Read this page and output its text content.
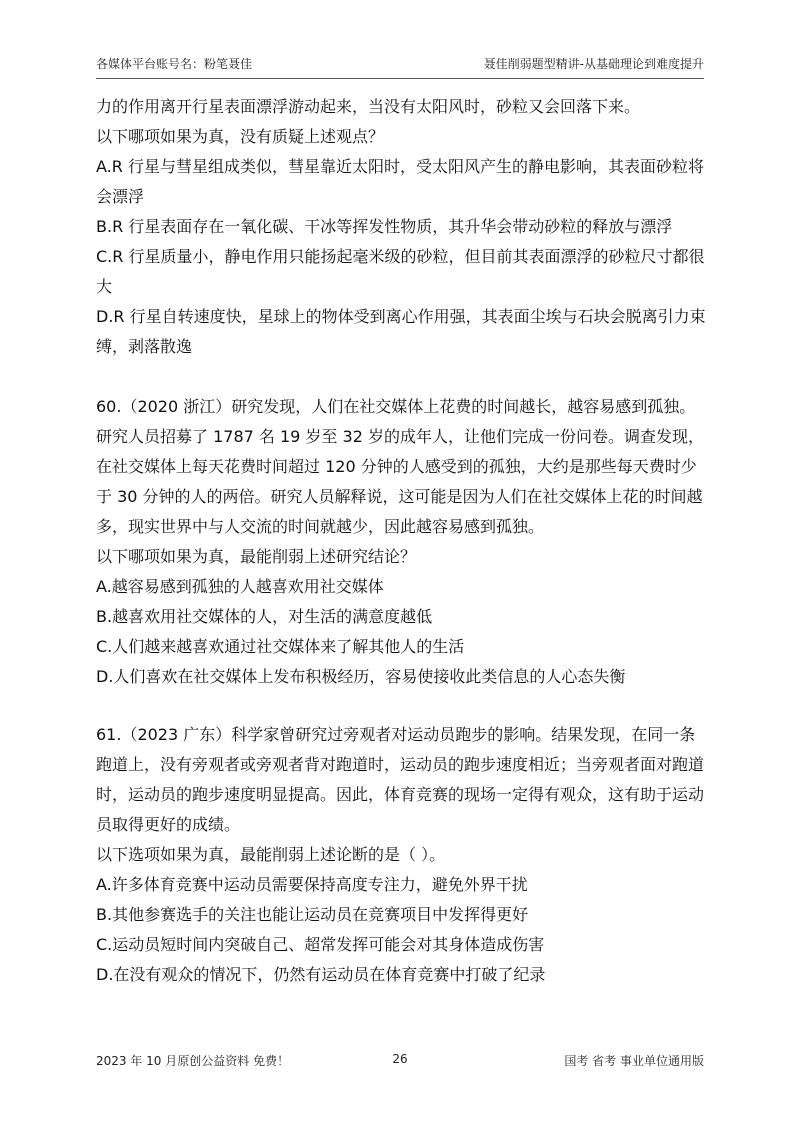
各媒体平台账号名：粉笔聂佳	聂佳削弱题型精讲-从基础理论到难度提升

力的作用离开行星表面漂浮游动起来，当没有太阳风时，砂粒又会回落下来。

以下哪项如果为真，没有质疑上述观点？

A.R 行星与彗星组成类似，彗星靠近太阳时，受太阳风产生的静电影响，其表面砂粒将会漂浮

B.R 行星表面存在一氧化碳、干冰等挥发性物质，其升华会带动砂粒的释放与漂浮

C.R 行星质量小，静电作用只能扬起毫米级的砂粒，但目前其表面漂浮的砂粒尺寸都很大

D.R 行星自转速度快，星球上的物体受到离心作用强，其表面尘埃与石块会脱离引力束缚，剥落散逸

60.（2020 浙江）研究发现，人们在社交媒体上花费的时间越长，越容易感到孤独。研究人员招募了 1787 名 19 岁至 32 岁的成年人，让他们完成一份问卷。调查发现，在社交媒体上每天花费时间超过 120 分钟的人感受到的孤独，大约是那些每天费时少于 30 分钟的人的两倍。研究人员解释说，这可能是因为人们在社交媒体上花的时间越多，现实世界中与人交流的时间就越少，因此越容易感到孤独。

以下哪项如果为真，最能削弱上述研究结论？

A.越容易感到孤独的人越喜欢用社交媒体

B.越喜欢用社交媒体的人，对生活的满意度越低

C.人们越来越喜欢通过社交媒体来了解其他人的生活

D.人们喜欢在社交媒体上发布积极经历，容易使接收此类信息的人心态失衡

61.（2023 广东）科学家曾研究过旁观者对运动员跑步的影响。结果发现，在同一条跑道上，没有旁观者或旁观者背对跑道时，运动员的跑步速度相近；当旁观者面对跑道时，运动员的跑步速度明显提高。因此，体育竞赛的现场一定得有观众，这有助于运动员取得更好的成绩。

以下选项如果为真，最能削弱上述论断的是（ ）。

A.许多体育竞赛中运动员需要保持高度专注力，避免外界干扰

B.其他参赛选手的关注也能让运动员在竞赛项目中发挥得更好

C.运动员短时间内突破自己、超常发挥可能会对其身体造成伤害

D.在没有观众的情况下，仍然有运动员在体育竞赛中打破了纪录

2023 年 10 月原创公益资料 免费！	26	国考 省考 事业单位通用版
